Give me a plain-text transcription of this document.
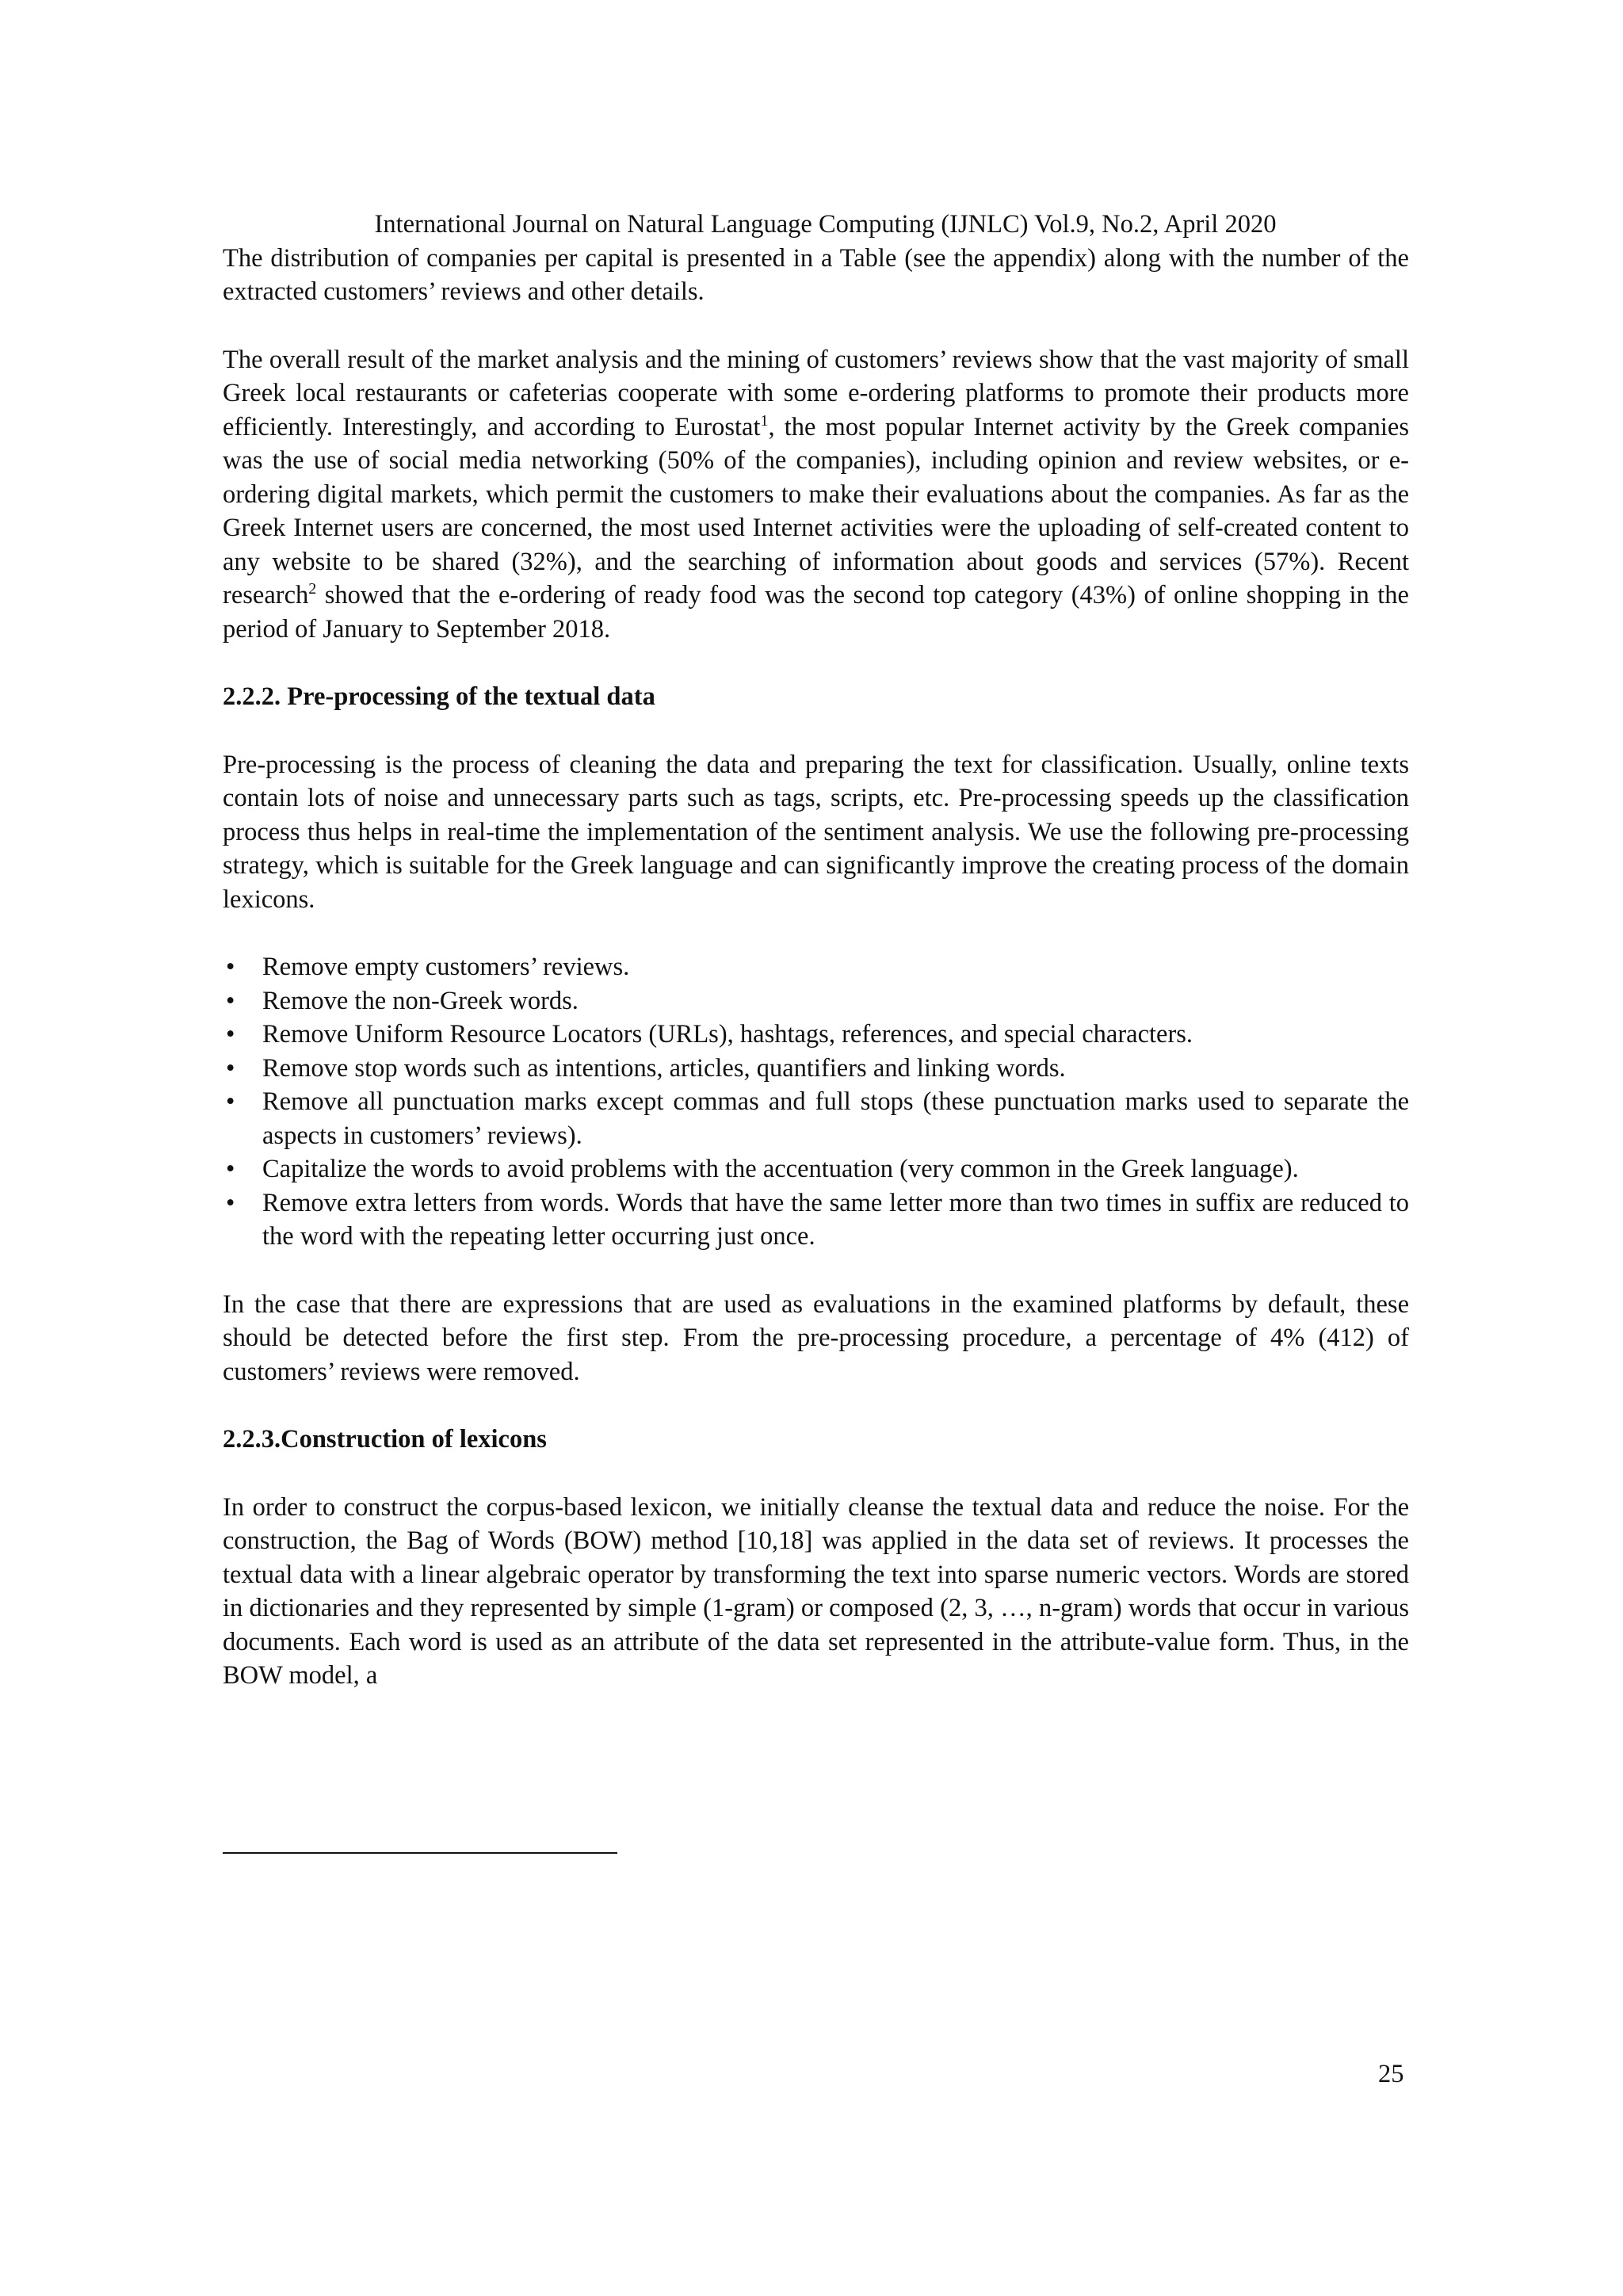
International Journal on Natural Language Computing (IJNLC) Vol.9, No.2, April 2020

The distribution of companies per capital is presented in a Table (see the appendix) along with the number of the extracted customers’ reviews and other details.

The overall result of the market analysis and the mining of customers’ reviews show that the vast majority of small Greek local restaurants or cafeterias cooperate with some e-ordering platforms to promote their products more efficiently. Interestingly, and according to Eurostat$^1$, the most popular Internet activity by the Greek companies was the use of social media networking (50% of the companies), including opinion and review websites, or e-ordering digital markets, which permit the customers to make their evaluations about the companies. As far as the Greek Internet users are concerned, the most used Internet activities were the uploading of self-created content to any website to be shared (32%), and the searching of information about goods and services (57%). Recent research$^2$ showed that the e-ordering of ready food was the second top category (43%) of online shopping in the period of January to September 2018.

2.2.2. Pre-processing of the textual data

Pre-processing is the process of cleaning the data and preparing the text for classification. Usually, online texts contain lots of noise and unnecessary parts such as tags, scripts, etc. Pre-processing speeds up the classification process thus helps in real-time the implementation of the sentiment analysis. We use the following pre-processing strategy, which is suitable for the Greek language and can significantly improve the creating process of the domain lexicons.

• Remove empty customers’ reviews.
• Remove the non-Greek words.
• Remove Uniform Resource Locators (URLs), hashtags, references, and special characters.
• Remove stop words such as intentions, articles, quantifiers and linking words.
• Remove all punctuation marks except commas and full stops (these punctuation marks used to separate the aspects in customers’ reviews).
• Capitalize the words to avoid problems with the accentuation (very common in the Greek language).
• Remove extra letters from words. Words that have the same letter more than two times in suffix are reduced to the word with the repeating letter occurring just once.

In the case that there are expressions that are used as evaluations in the examined platforms by default, these should be detected before the first step. From the pre-processing procedure, a percentage of 4% (412) of customers’ reviews were removed.

2.2.3.Construction of lexicons

In order to construct the corpus-based lexicon, we initially cleanse the textual data and reduce the noise. For the construction, the Bag of Words (BOW) method [10,18] was applied in the data set of reviews. It processes the textual data with a linear algebraic operator by transforming the text into sparse numeric vectors. Words are stored in dictionaries and they represented by simple (1-gram) or composed (2, 3, …, n-gram) words that occur in various documents. Each word is used as an attribute of the data set represented in the attribute-value form. Thus, in the BOW model, a

25
